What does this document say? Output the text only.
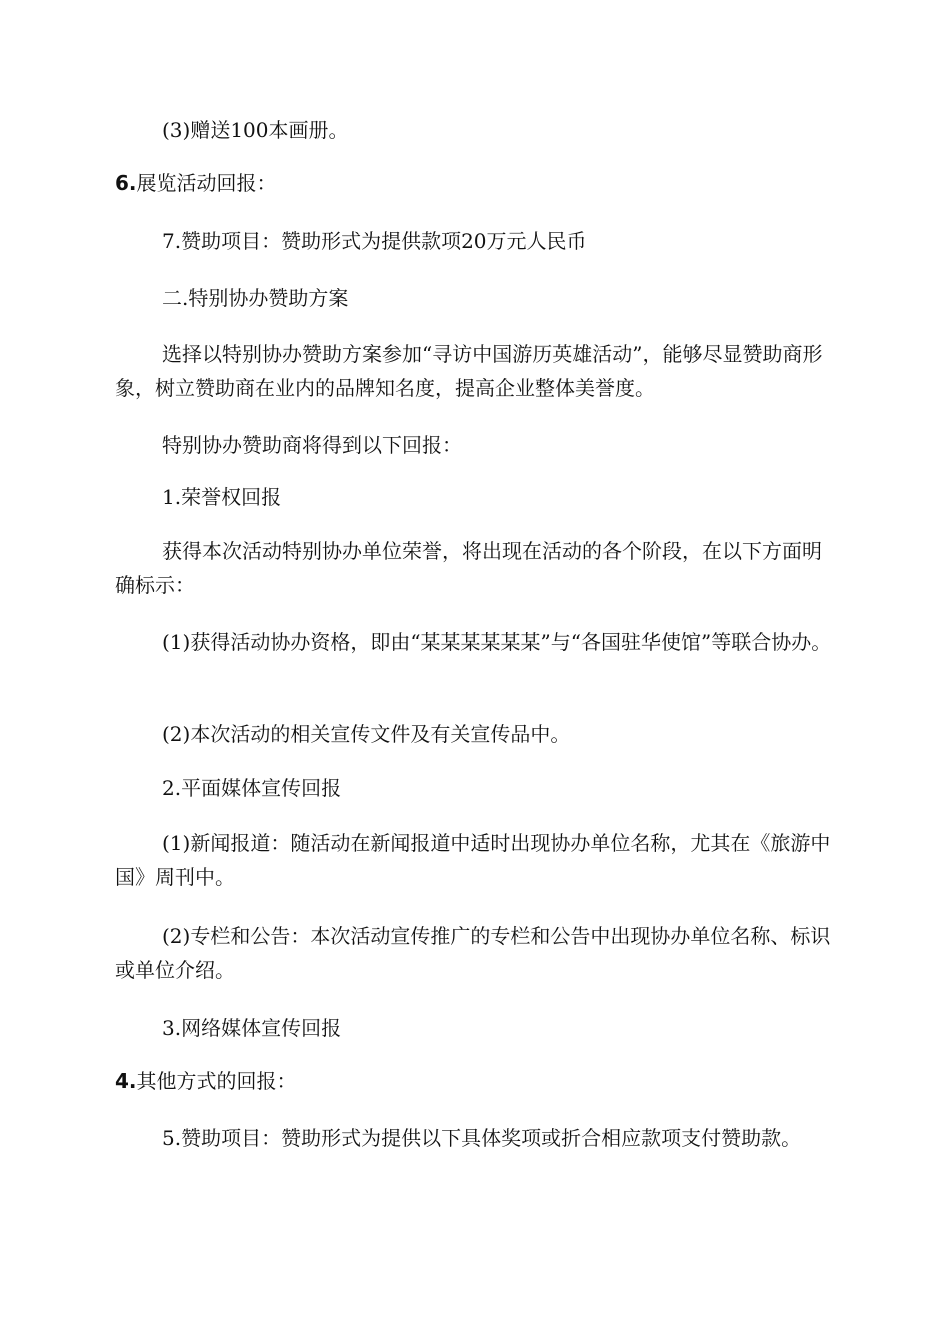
(3)赠送100本画册。

6.展览活动回报：

7.赞助项目：赞助形式为提供款项20万元人民币

二.特别协办赞助方案

选择以特别协办赞助方案参加“寻访中国游历英雄活动”，能够尽显赞助商形象，树立赞助商在业内的品牌知名度，提高企业整体美誉度。

特别协办赞助商将得到以下回报：

1.荣誉权回报

获得本次活动特别协办单位荣誉，将出现在活动的各个阶段，在以下方面明确标示：

(1)获得活动协办资格，即由“某某某某某某”与“各国驻华使馆”等联合协办。

(2)本次活动的相关宣传文件及有关宣传品中。

2.平面媒体宣传回报

(1)新闻报道：随活动在新闻报道中适时出现协办单位名称，尤其在《旅游中国》周刊中。

(2)专栏和公告：本次活动宣传推广的专栏和公告中出现协办单位名称、标识或单位介绍。

3.网络媒体宣传回报

4.其他方式的回报：

5.赞助项目：赞助形式为提供以下具体奖项或折合相应款项支付赞助款。
